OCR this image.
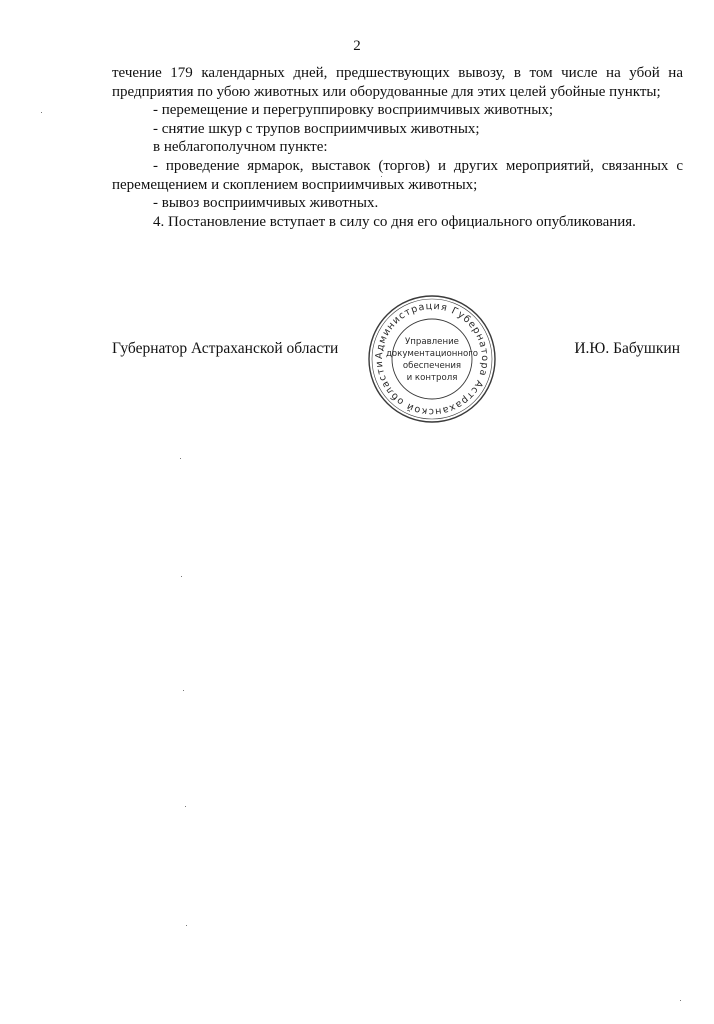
2

течение 179 календарных дней, предшествующих вывозу, в том числе на убой на предприятия по убою животных или оборудованные для этих целей убойные пункты;

- перемещение и перегруппировку восприимчивых животных;

- снятие шкур с трупов восприимчивых животных;

в неблагополучном пункте:

- проведение ярмарок, выставок (торгов) и других мероприятий, связанных с перемещением и скоплением восприимчивых животных;

- вывоз восприимчивых животных.

4. Постановление вступает в силу со дня его официального опубликования.

Губернатор Астраханской области	И.Ю. Бабушкин
Администрация Губернатора Астраханской области
Управление
документационного
обеспечения
и контроля
